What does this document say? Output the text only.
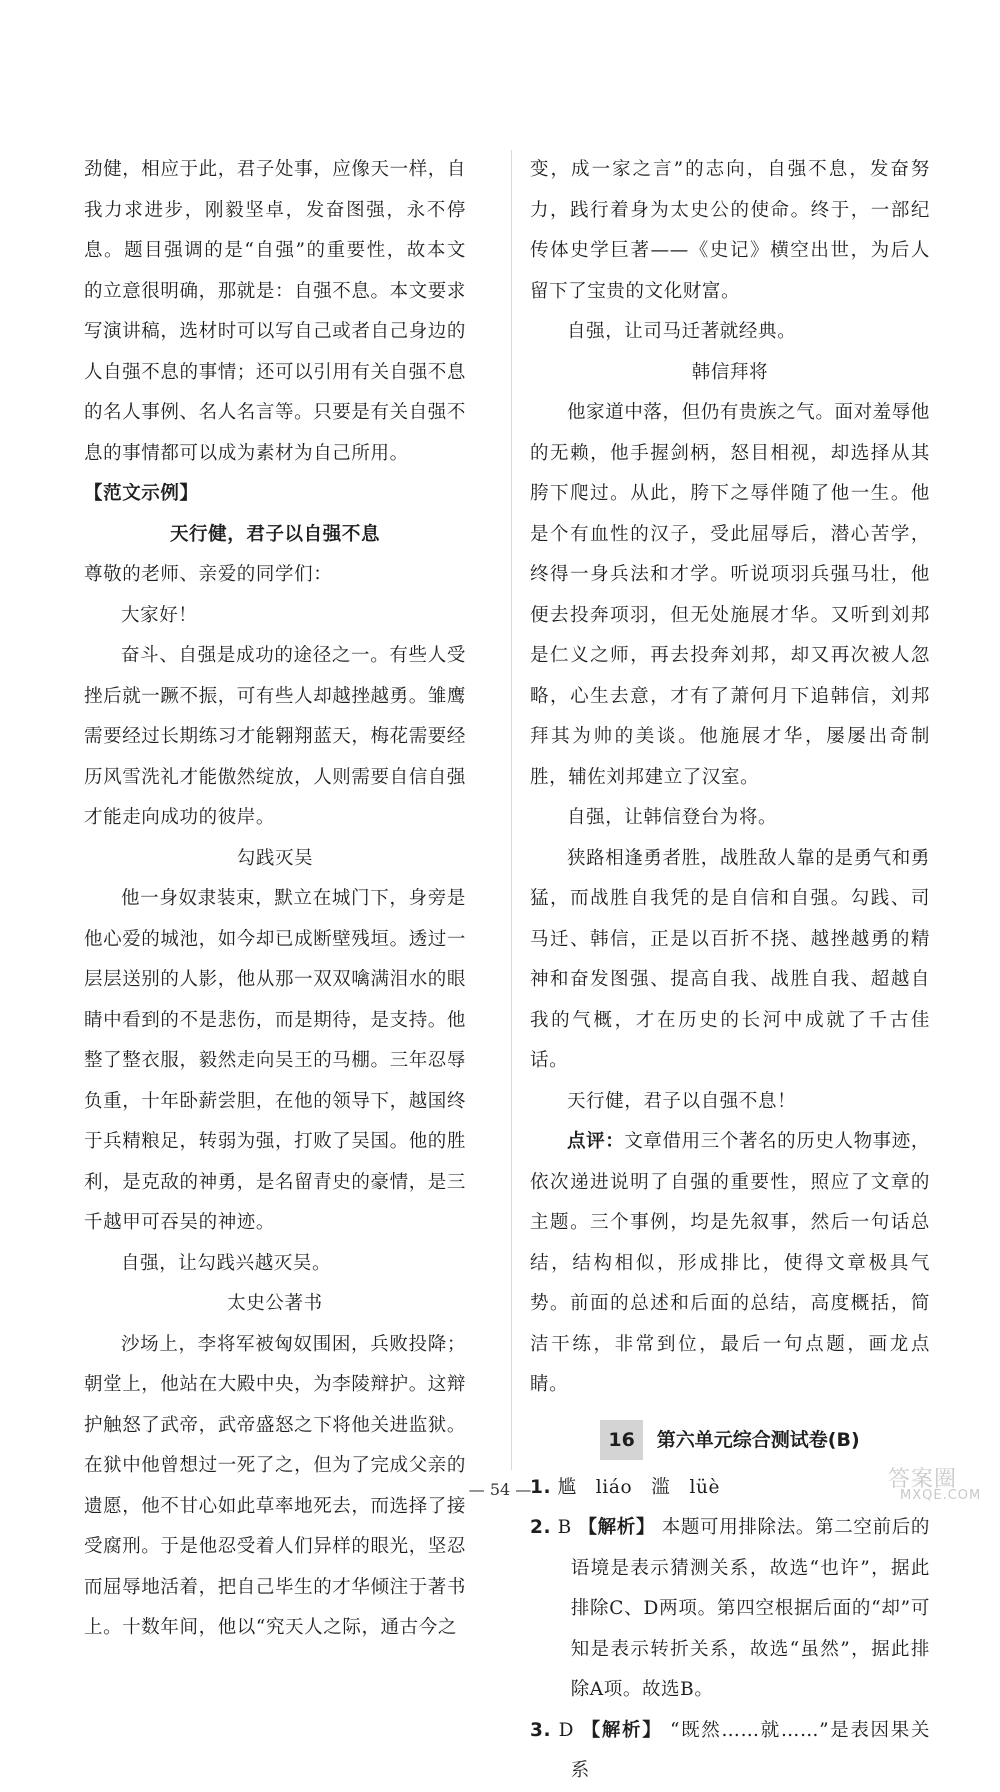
劲健，相应于此，君子处事，应像天一样，自我力求进步，刚毅坚卓，发奋图强，永不停息。题目强调的是“自强”的重要性，故本文的立意很明确，那就是：自强不息。本文要求写演讲稿，选材时可以写自己或者自己身边的人自强不息的事情；还可以引用有关自强不息的名人事例、名人名言等。只要是有关自强不息的事情都可以成为素材为自己所用。

【范文示例】

天行健，君子以自强不息

尊敬的老师、亲爱的同学们：

大家好！

奋斗、自强是成功的途径之一。有些人受挫后就一蹶不振，可有些人却越挫越勇。雏鹰需要经过长期练习才能翱翔蓝天，梅花需要经历风雪洗礼才能傲然绽放，人则需要自信自强才能走向成功的彼岸。

勾践灭吴

他一身奴隶装束，默立在城门下，身旁是他心爱的城池，如今却已成断壁残垣。透过一层层送别的人影，他从那一双双噙满泪水的眼睛中看到的不是悲伤，而是期待，是支持。他整了整衣服，毅然走向吴王的马棚。三年忍辱负重，十年卧薪尝胆，在他的领导下，越国终于兵精粮足，转弱为强，打败了吴国。他的胜利，是克敌的神勇，是名留青史的豪情，是三千越甲可吞吴的神迹。

自强，让勾践兴越灭吴。

太史公著书

沙场上，李将军被匈奴围困，兵败投降；朝堂上，他站在大殿中央，为李陵辩护。这辩护触怒了武帝，武帝盛怒之下将他关进监狱。在狱中他曾想过一死了之，但为了完成父亲的遗愿，他不甘心如此草率地死去，而选择了接受腐刑。于是他忍受着人们异样的眼光，坚忍而屈辱地活着，把自己毕生的才华倾注于著书上。十数年间，他以“究天人之际，通古今之

变，成一家之言”的志向，自强不息，发奋努力，践行着身为太史公的使命。终于，一部纪传体史学巨著——《史记》横空出世，为后人留下了宝贵的文化财富。

自强，让司马迁著就经典。

韩信拜将

他家道中落，但仍有贵族之气。面对羞辱他的无赖，他手握剑柄，怒目相视，却选择从其胯下爬过。从此，胯下之辱伴随了他一生。他是个有血性的汉子，受此屈辱后，潜心苦学，终得一身兵法和才学。听说项羽兵强马壮，他便去投奔项羽，但无处施展才华。又听到刘邦是仁义之师，再去投奔刘邦，却又再次被人忽略，心生去意，才有了萧何月下追韩信，刘邦拜其为帅的美谈。他施展才华，屡屡出奇制胜，辅佐刘邦建立了汉室。

自强，让韩信登台为将。

狭路相逢勇者胜，战胜敌人靠的是勇气和勇猛，而战胜自我凭的是自信和自强。勾践、司马迁、韩信，正是以百折不挠、越挫越勇的精神和奋发图强、提高自我、战胜自我、超越自我的气概，才在历史的长河中成就了千古佳话。

天行健，君子以自强不息！

点评：文章借用三个著名的历史人物事迹，依次递进说明了自强的重要性，照应了文章的主题。三个事例，均是先叙事，然后一句话总结，结构相似，形成排比，使得文章极具气势。前面的总述和后面的总结，高度概括，简洁干练，非常到位，最后一句点题，画龙点睛。

16 第六单元综合测试卷(B)

1. 尴　liáo　滥　lüè

2. B 【解析】 本题可用排除法。第二空前后的语境是表示猜测关系，故选“也许”，据此排除C、D两项。第四空根据后面的“却”可知是表示转折关系，故选“虽然”，据此排除A项。故选B。

3. D 【解析】 “既然……就……”是表因果关系

— 54 —	答案圈
MXQE.COM
